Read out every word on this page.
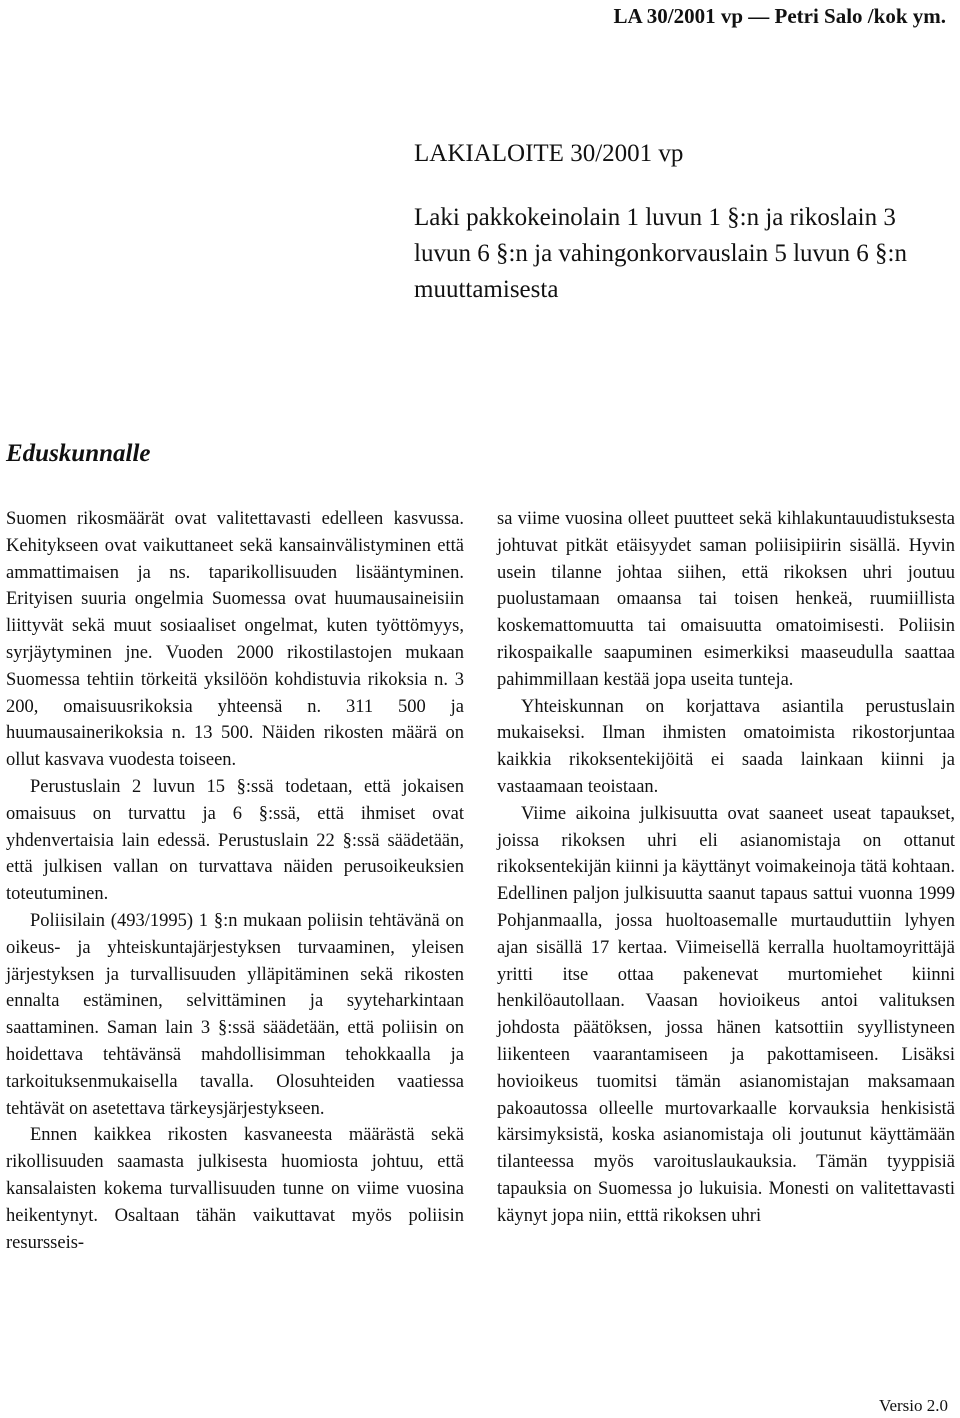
LA 30/2001 vp — Petri Salo /kok ym.
LAKIALOITE 30/2001 vp
Laki pakkokeinolain 1 luvun 1 §:n ja rikoslain 3 luvun 6 §:n ja vahingonkorvauslain 5 luvun 6 §:n muuttamisesta
Eduskunnalle

Suomen rikosmäärät ovat valitettavasti edelleen kasvussa. Kehitykseen ovat vaikuttaneet sekä kansainvälistyminen että ammattimaisen ja ns. taparikollisuuden lisääntyminen. Erityisen suuria ongelmia Suomessa ovat huumausaineisiin liittyvät sekä muut sosiaaliset ongelmat, kuten työttömyys, syrjäytyminen jne. Vuoden 2000 rikostilastojen mukaan Suomessa tehtiin törkeitä yksilöön kohdistuvia rikoksia n. 3 200, omaisuusrikoksia yhteensä n. 311 500 ja huumausainerikoksia n. 13 500. Näiden rikosten määrä on ollut kasvava vuodesta toiseen.

Perustuslain 2 luvun 15 §:ssä todetaan, että jokaisen omaisuus on turvattu ja 6 §:ssä, että ihmiset ovat yhdenvertaisia lain edessä. Perustuslain 22 §:ssä säädetään, että julkisen vallan on turvattava näiden perusoikeuksien toteutuminen.

Poliisilain (493/1995) 1 §:n mukaan poliisin tehtävänä on oikeus- ja yhteiskuntajärjestyksen turvaaminen, yleisen järjestyksen ja turvallisuuden ylläpitäminen sekä rikosten ennalta estäminen, selvittäminen ja syyteharkintaan saattaminen. Saman lain 3 §:ssä säädetään, että poliisin on hoidettava tehtävänsä mahdollisimman tehokkaalla ja tarkoituksenmukaisella tavalla. Olosuhteiden vaatiessa tehtävät on asetettava tärkeysjärjestykseen.

Ennen kaikkea rikosten kasvaneesta määrästä sekä rikollisuuden saamasta julkisesta huomiosta johtuu, että kansalaisten kokema turvallisuuden tunne on viime vuosina heikentynyt. Osaltaan tähän vaikuttavat myös poliisin resursseis-

sa viime vuosina olleet puutteet sekä kihlakuntauudistuksesta johtuvat pitkät etäisyydet saman poliisipiirin sisällä. Hyvin usein tilanne johtaa siihen, että rikoksen uhri joutuu puolustamaan omaansa tai toisen henkeä, ruumiillista koskemattomuutta tai omaisuutta omatoimisesti. Poliisin rikospaikalle saapuminen esimerkiksi maaseudulla saattaa pahimmillaan kestää jopa useita tunteja.

Yhteiskunnan on korjattava asiantila perustuslain mukaiseksi. Ilman ihmisten omatoimista rikostorjuntaa kaikkia rikoksentekijöitä ei saada lainkaan kiinni ja vastaamaan teoistaan.

Viime aikoina julkisuutta ovat saaneet useat tapaukset, joissa rikoksen uhri eli asianomistaja on ottanut rikoksentekijän kiinni ja käyttänyt voimakeinoja tätä kohtaan. Edellinen paljon julkisuutta saanut tapaus sattui vuonna 1999 Pohjanmaalla, jossa huoltoasemalle murtauduttiin lyhyen ajan sisällä 17 kertaa. Viimeisellä kerralla huoltamoyrittäjä yritti itse ottaa pakenevat murtomiehet kiinni henkilöautollaan. Vaasan hovioikeus antoi valituksen johdosta päätöksen, jossa hänen katsottiin syyllistyneen liikenteen vaarantamiseen ja pakottamiseen. Lisäksi hovioikeus tuomitsi tämän asianomistajan maksamaan pakoautossa olleelle murtovarkaalle korvauksia henkisistä kärsimyksistä, koska asianomistaja oli joutunut käyttämään tilanteessa myös varoituslaukauksia. Tämän tyyppisiä tapauksia on Suomessa jo lukuisia. Monesti on valitettavasti käynyt jopa niin, etttä rikoksen uhri

Versio 2.0
